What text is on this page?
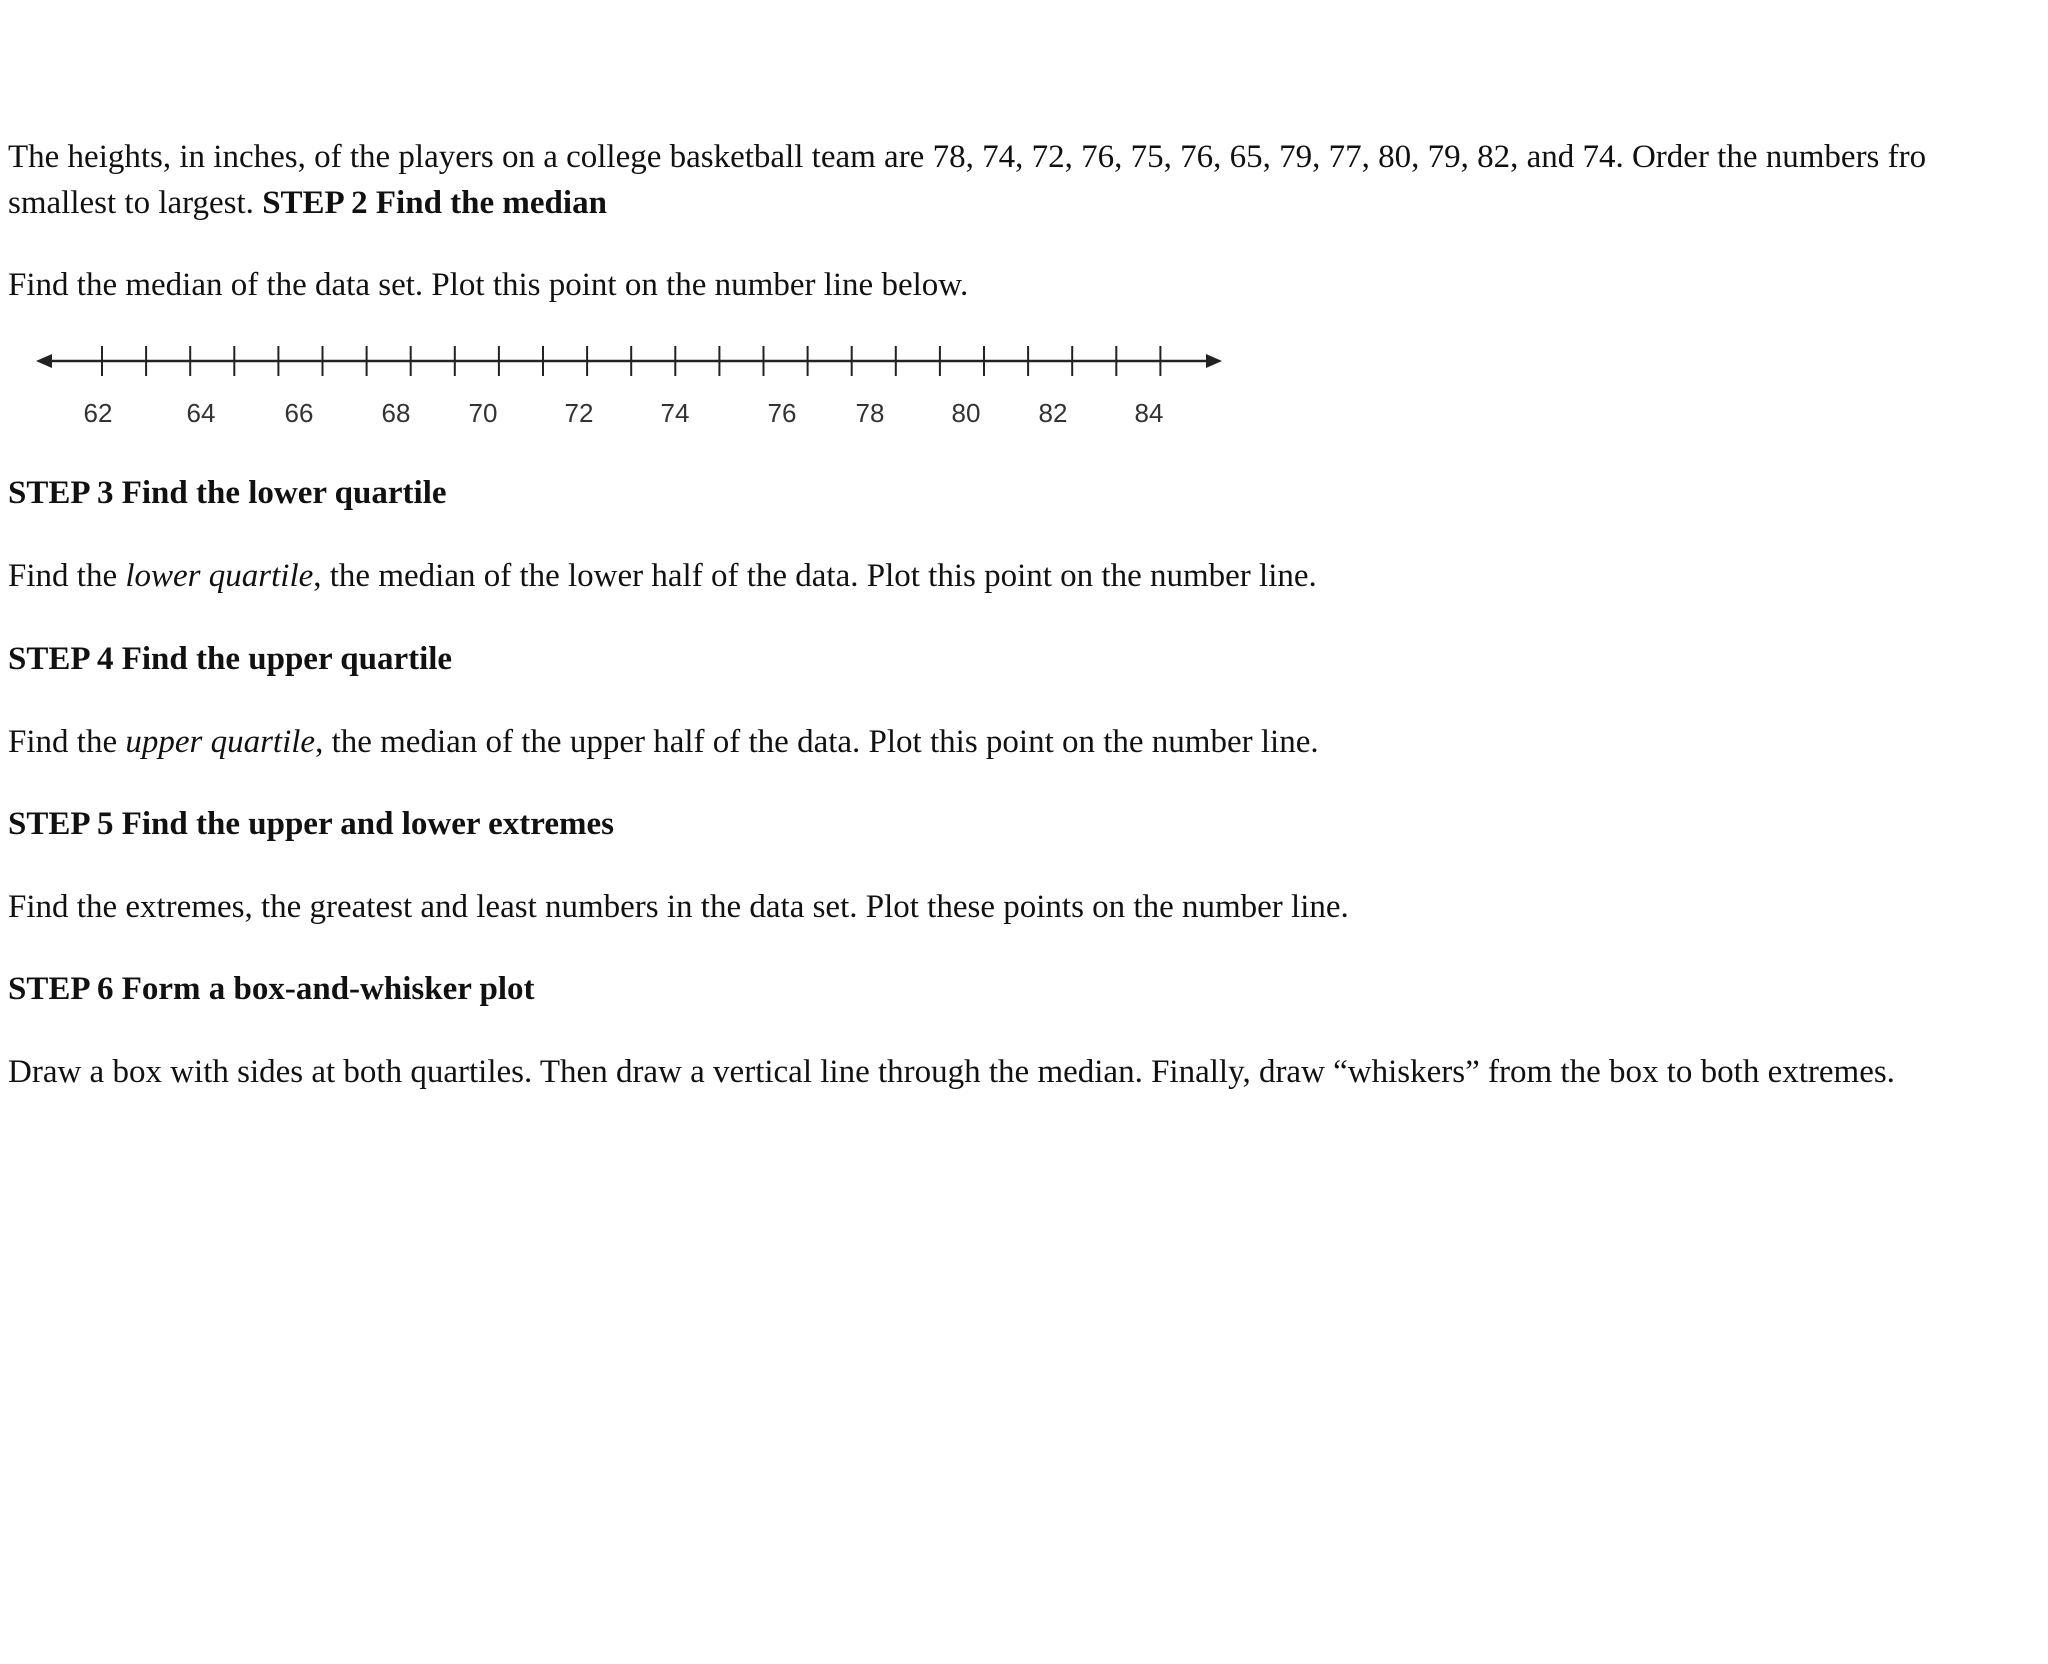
The heights, in inches, of the players on a college basketball team are 78, 74, 72, 76, 75, 76, 65, 79, 77, 80, 79, 82, and 74. Order the numbers fro
smallest to largest. STEP 2 Find the median
Find the median of the data set. Plot this point on the number line below.
62	64	66	68 70	72	74	76 78	80 82	84
STEP 3 Find the lower quartile
Find the lower quartile, the median of the lower half of the data. Plot this point on the number line.
STEP 4 Find the upper quartile
Find the upper quartile, the median of the upper half of the data. Plot this point on the number line.
STEP 5 Find the upper and lower extremes
Find the extremes, the greatest and least numbers in the data set. Plot these points on the number line.
STEP 6 Form a box-and-whisker plot
Draw a box with sides at both quartiles. Then draw a vertical line through the median. Finally, draw “whiskers” from the box to both extremes.
